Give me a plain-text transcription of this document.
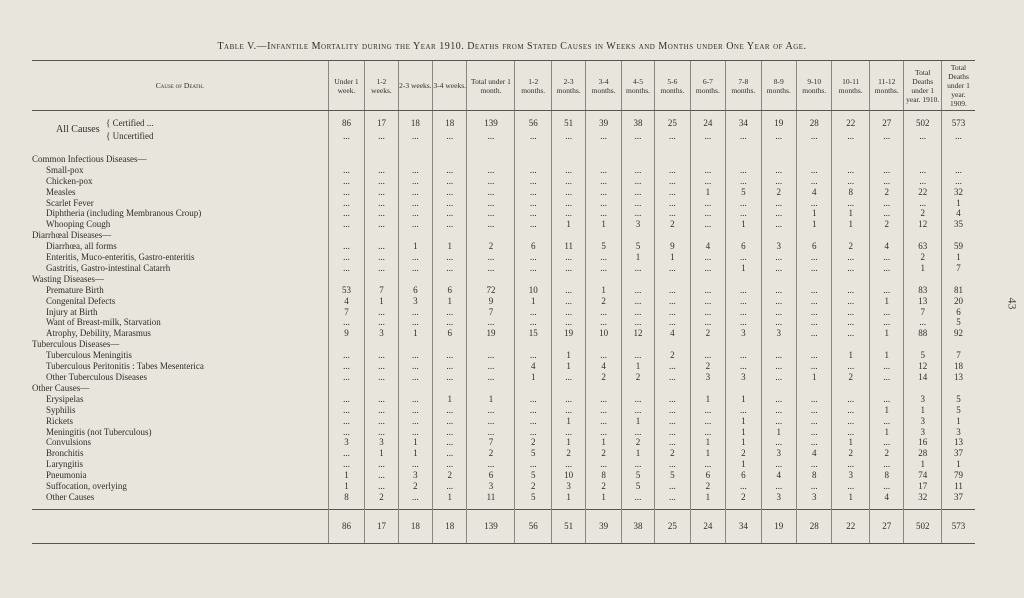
43
Table V.—Infantile Mortality during the Year 1910. Deaths from Stated Causes in Weeks and Months under One Year of Age.
Cause of Death.	Under 1 week.	1-2 weeks.	2-3 weeks.	3-4 weeks.	Total under 1 month.	1-2 months.	2-3 months.	3-4 months.	4-5 months.	5-6 months.	6-7 months.	7-8 months.	8-9 months.	9-10 months.	10-11 months.	11-12 months.	Total Deaths under 1 year. 1910.	Total Deaths under 1 year. 1909.

All Causes
{ Certified ...	86	17	18	18	139	56	51	39	38	25	24	34	19	28	22	27	502	573
{ Uncertified	...	...	...	...	...	...	...	...	...	...	...	...	...	...	...	...	...	...

Common Infectious Diseases—																		
Small-pox	...	...	...	...	...	...	...	...	...	...	...	...	...	...	...	...	...	...
Chicken-pox	...	...	...	...	...	...	...	...	...	...	...	...	...	...	...	...	...	...
Measles	...	...	...	...	...	...	...	...	...	...	1	5	2	4	8	2	22	32
Scarlet Fever	...	...	...	...	...	...	...	...	...	...	...	...	...	...	...	...	...	1
Diphtheria (including Membranous Croup)	...	...	...	...	...	...	...	...	...	...	...	...	...	1	1	...	2	4
Whooping Cough	...	...	...	...	...	...	1	1	3	2	...	1	...	1	1	2	12	35
Diarrhœal Diseases—																		
Diarrhœa, all forms	...	...	1	1	2	6	11	5	5	9	4	6	3	6	2	4	63	59
Enteritis, Muco-enteritis, Gastro-enteritis	...	...	...	...	...	...	...	...	1	1	...	...	...	...	...	...	2	1
Gastritis, Gastro-intestinal Catarrh	...	...	...	...	...	...	...	...	...	...	...	1	...	...	...	...	1	7
Wasting Diseases—																		
Premature Birth	53	7	6	6	72	10	...	1	...	...	...	...	...	...	...	...	83	81
Congenital Defects	4	1	3	1	9	1	...	2	...	...	...	...	...	...	...	1	13	20
Injury at Birth	7	...	...	...	7	...	...	...	...	...	...	...	...	...	...	...	7	6
Want of Breast-milk, Starvation	...	...	...	...	...	...	...	...	...	...	...	...	...	...	...	...	...	5
Atrophy, Debility, Marasmus	9	3	1	6	19	15	19	10	12	4	2	3	3	...	...	1	88	92
Tuberculous Diseases—																		
Tuberculous Meningitis	...	...	...	...	...	...	1	...	...	2	...	...	...	...	1	1	5	7
Tuberculous Peritonitis : Tabes Mesenterica	...	...	...	...	...	4	1	4	1	...	2	...	...	...	...	...	12	18
Other Tuberculous Diseases	...	...	...	...	...	1	...	2	2	...	3	3	...	1	2	...	14	13
Other Causes—																		
Erysipelas	...	...	...	1	1	...	...	...	...	...	1	1	...	...	...	...	3	5
Syphilis	...	...	...	...	...	...	...	...	...	...	...	...	...	...	...	1	1	5
Rickets	...	...	...	...	...	...	1	...	1	...	...	1	...	...	...	...	3	1
Meningitis (not Tuberculous)	...	...	...	...	...	...	...	...	...	...	...	1	1	...	...	1	3	3
Convulsions	3	3	1	...	7	2	1	1	2	...	1	1	...	...	1	...	16	13
Bronchitis	...	1	1	...	2	5	2	2	1	2	1	2	3	4	2	2	28	37
Laryngitis	...	...	...	...	...	...	...	...	...	...	...	1	...	...	...	...	1	1
Pneumonia	1	...	3	2	6	5	10	8	5	5	6	6	4	8	3	8	74	79
Suffocation, overlying	1	...	2	...	3	2	3	2	5	...	2	...	...	...	...	...	17	11
Other Causes	8	2	...	1	11	5	1	1	...	...	1	2	3	3	1	4	32	37

	86	17	18	18	139	56	51	39	38	25	24	34	19	28	22	27	502	573
